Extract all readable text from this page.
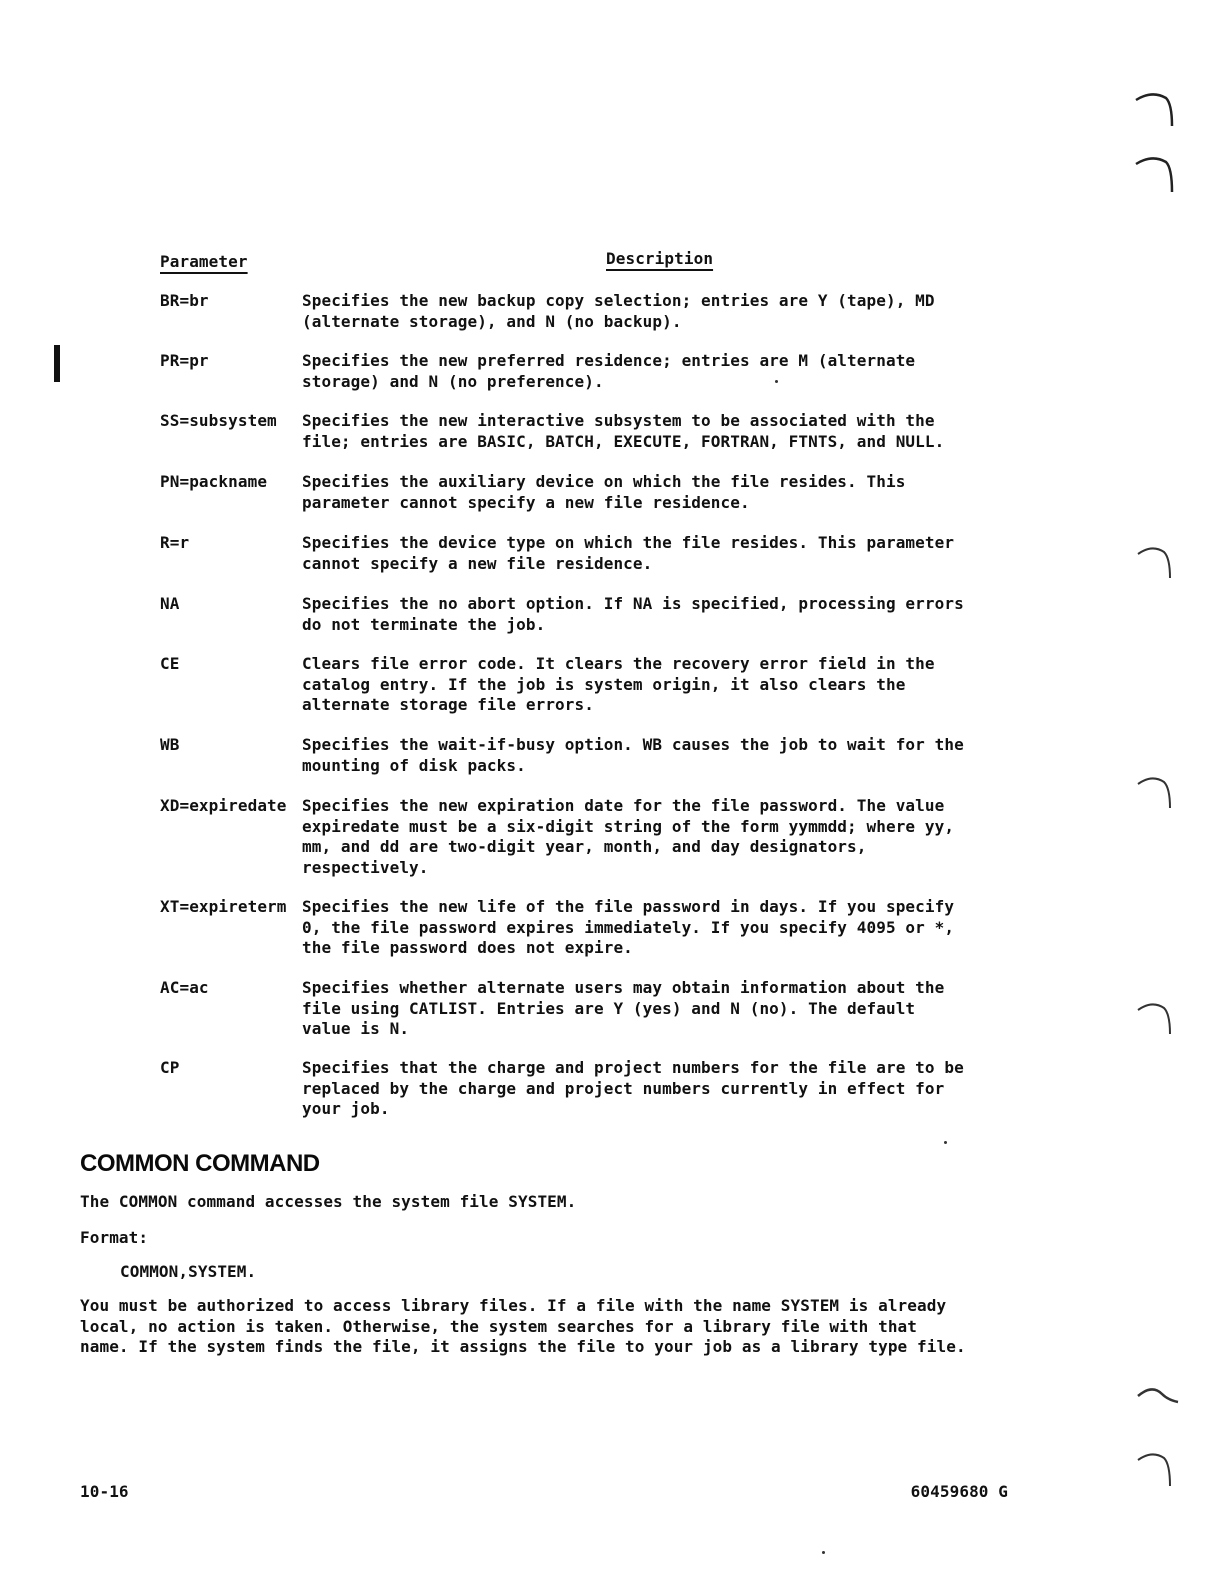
Parameter	Description
BR=br	Specifies the new backup copy selection; entries are Y (tape), MD
(alternate storage), and N (no backup).
PR=pr	Specifies the new preferred residence; entries are M (alternate
storage) and N (no preference).
SS=subsystem Specifies the new interactive subsystem to be associated with the
file; entries are BASIC, BATCH, EXECUTE, FORTRAN, FTNTS, and NULL.
PN=packname Specifies the auxiliary device on which the file resides. This
parameter cannot specify a new file residence.
R=r	Specifies the device type on which the file resides. This parameter
cannot specify a new file residence.
NA	Specifies the no abort option. If NA is specified, processing errors
do not terminate the job.
CE	Clears file error code. It clears the recovery error field in the
catalog entry. If the job is system origin, it also clears the
alternate storage file errors.
WB	Specifies the wait-if-busy option. WB causes the job to wait for the
mounting of disk packs.
XD=expiredate Specifies the new expiration date for the file password. The value
expiredate must be a six-digit string of the form yymmdd; where yy,
mm, and dd are two-digit year, month, and day designators,
respectively.
XT=expireterm Specifies the new life of the file password in days. If you specify
0, the file password expires immediately. If you specify 4095 or *,
the file password does not expire.
AC=ac	Specifies whether alternate users may obtain information about the
file using CATLIST. Entries are Y (yes) and N (no). The default
value is N.
CP	Specifies that the charge and project numbers for the file are to be
replaced by the charge and project numbers currently in effect for
your job.
COMMON COMMAND
The COMMON command accesses the system file SYSTEM.
Format:
COMMON,SYSTEM.
You must be authorized to access library files. If a file with the name SYSTEM is already
local, no action is taken. Otherwise, the system searches for a library file with that
name. If the system finds the file, it assigns the file to your job as a library type file.
10-16	60459680 G
